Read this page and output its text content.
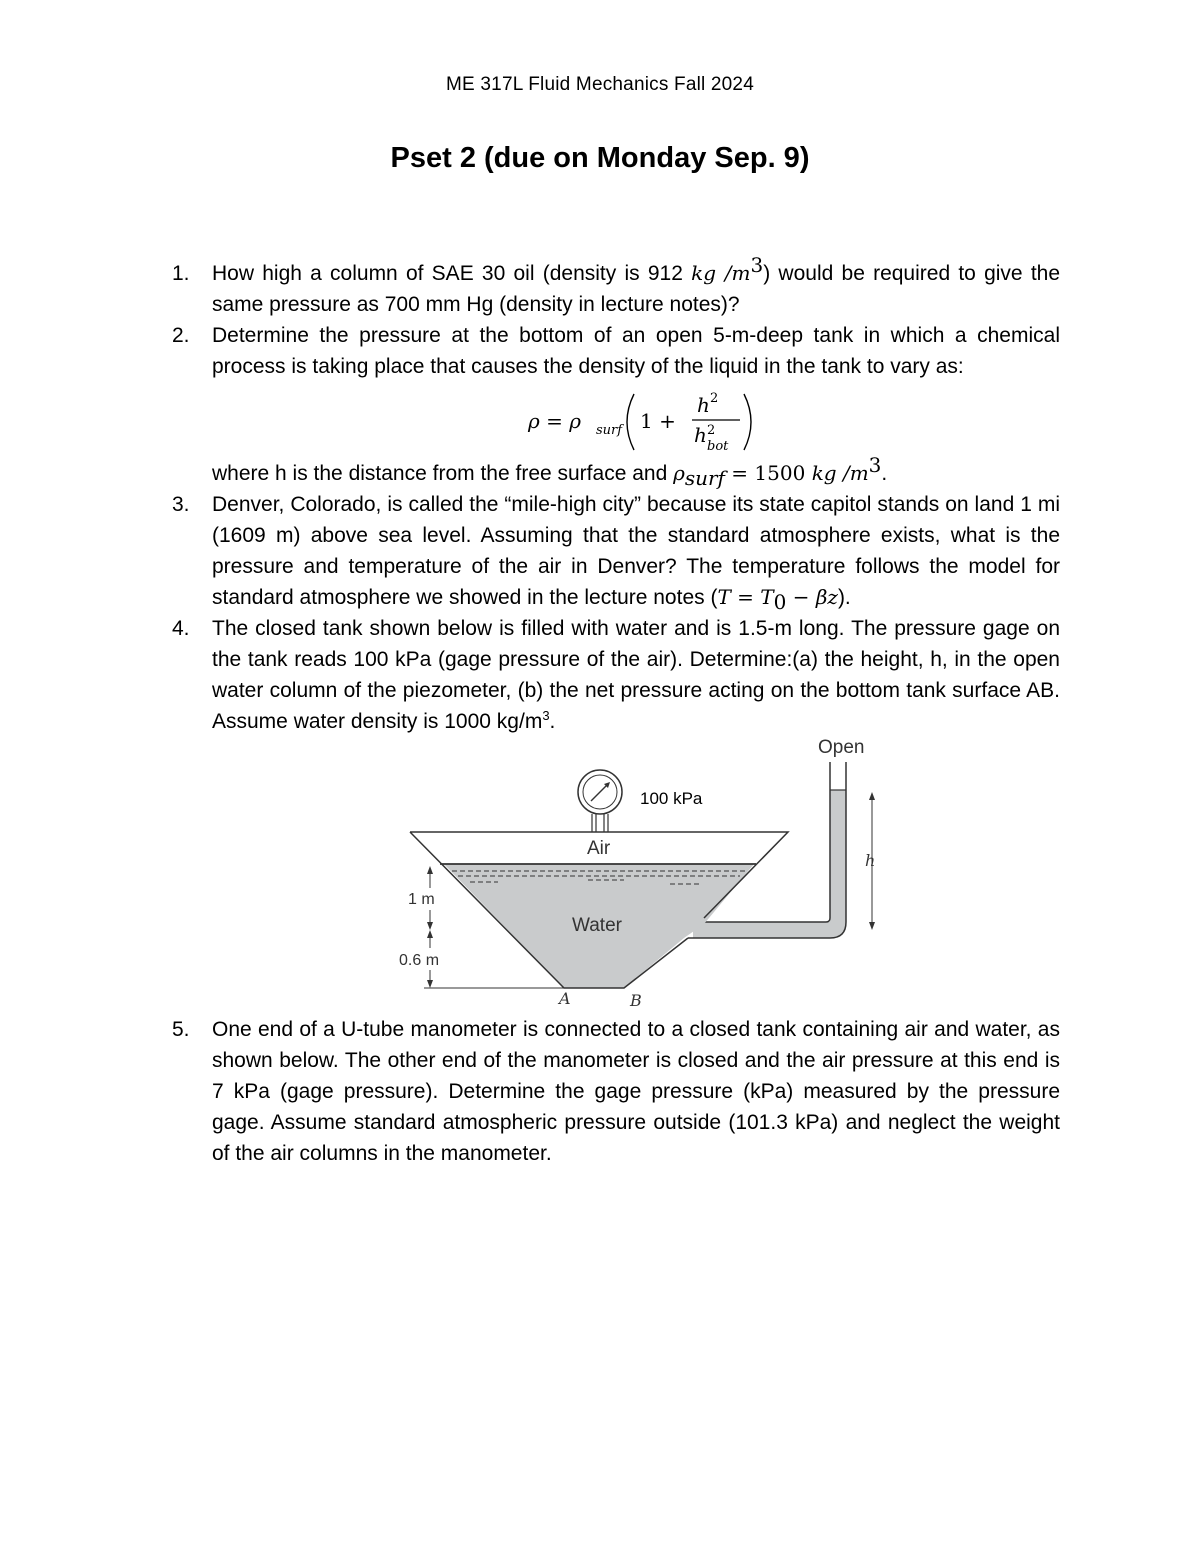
ME 317L Fluid Mechanics Fall 2024
Pset 2 (due on Monday Sep. 9)
1. How high a column of SAE 30 oil (density is 912 kg $/m^3$) would be required to give the same pressure as 700 mm Hg (density in lecture notes)?
2. Determine the pressure at the bottom of an open 5-m-deep tank in which a chemical process is taking place that causes the density of the liquid in the tank to vary as:
ρ = ρ surf 1 +
h 2
h 2
bot
where h is the distance from the free surface and $\rho_{surf} = 1500$ kg $/m^3$.
3. Denver, Colorado, is called the “mile-high city” because its state capitol stands on land 1 mi (1609 m) above sea level. Assuming that the standard atmosphere exists, what is the pressure and temperature of the air in Denver? The temperature follows the model for standard atmosphere we showed in the lecture notes $(T = T_0 - \beta z)$.
4. The closed tank shown below is filled with water and is 1.5-m long. The pressure gage on the tank reads 100 kPa (gage pressure of the air). Determine:(a) the height, h, in the open water column of the piezometer, (b) the net pressure acting on the bottom tank surface AB. Assume water density is 1000 $kg/m^3$.
Open
h
100 kPa
Air
Water
1 m
0.6 m
A	B
5. One end of a U-tube manometer is connected to a closed tank containing air and water, as shown below. The other end of the manometer is closed and the air pressure at this end is 7 kPa (gage pressure). Determine the gage pressure (kPa) measured by the pressure gage. Assume standard atmospheric pressure outside (101.3 kPa) and neglect the weight of the air columns in the manometer.
